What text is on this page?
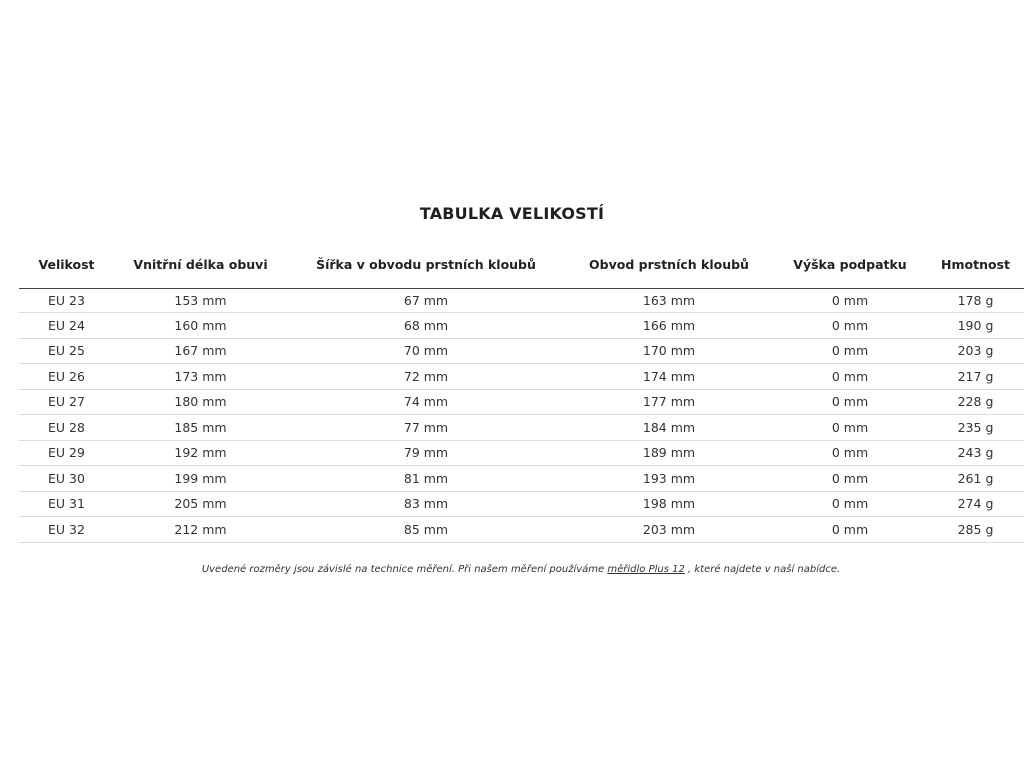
TABULKA VELIKOSTÍ
Velikost	Vnitřní délka obuvi	Šířka v obvodu prstních kloubů	Obvod prstních kloubů	Výška podpatku	Hmotnost
EU 23	153 mm	67 mm	163 mm	0 mm	178 g
EU 24	160 mm	68 mm	166 mm	0 mm	190 g
EU 25	167 mm	70 mm	170 mm	0 mm	203 g
EU 26	173 mm	72 mm	174 mm	0 mm	217 g
EU 27	180 mm	74 mm	177 mm	0 mm	228 g
EU 28	185 mm	77 mm	184 mm	0 mm	235 g
EU 29	192 mm	79 mm	189 mm	0 mm	243 g
EU 30	199 mm	81 mm	193 mm	0 mm	261 g
EU 31	205 mm	83 mm	198 mm	0 mm	274 g
EU 32	212 mm	85 mm	203 mm	0 mm	285 g
Uvedené rozměry jsou závislé na technice měření. Při našem měření používáme měřidlo Plus 12 , které najdete v naší nabídce.
